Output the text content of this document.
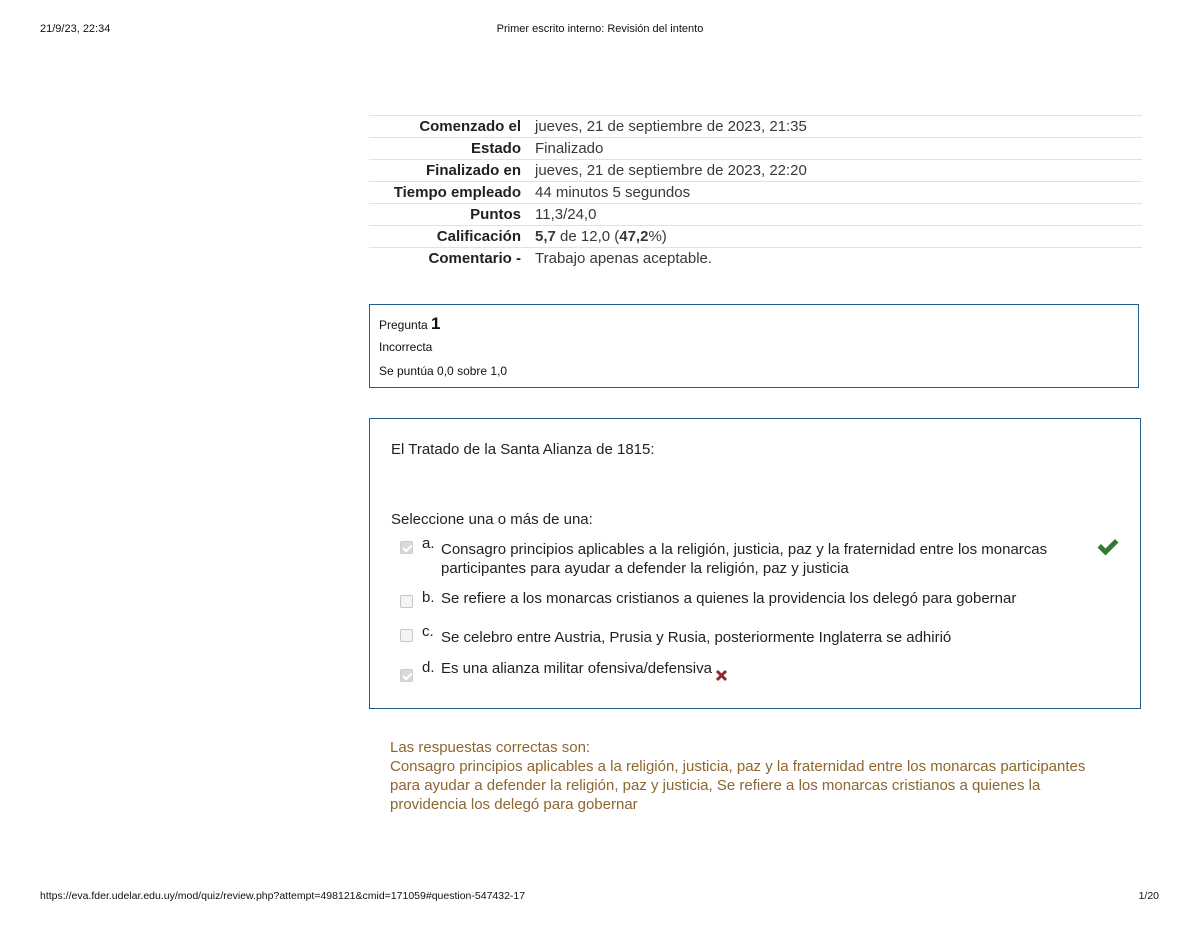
21/9/23, 22:34	Primer escrito interno: Revisión del intento
Comenzado el	jueves, 21 de septiembre de 2023, 21:35
Estado	Finalizado
Finalizado en	jueves, 21 de septiembre de 2023, 22:20
Tiempo empleado	44 minutos 5 segundos
Puntos	11,3/24,0
Calificación	5,7 de 12,0 (47,2%)
Comentario -	Trabajo apenas aceptable.
Pregunta 1
Incorrecta
Se puntúa 0,0 sobre 1,0
El Tratado de la Santa Alianza de 1815:
Seleccione una o más de una:
a. Consagro principios aplicables a la religión, justicia, paz y la fraternidad entre los monarcas participantes para ayudar a defender la religión, paz y justicia
b. Se refiere a los monarcas cristianos a quienes la providencia los delegó para gobernar
c. Se celebro entre Austria, Prusia y Rusia, posteriormente Inglaterra se adhirió
d. Es una alianza militar ofensiva/defensiva
Las respuestas correctas son:
Consagro principios aplicables a la religión, justicia, paz y la fraternidad entre los monarcas participantes para ayudar a defender la religión, paz y justicia, Se refiere a los monarcas cristianos a quienes la providencia los delegó para gobernar
https://eva.fder.udelar.edu.uy/mod/quiz/review.php?attempt=498121&cmid=171059#question-547432-17	1/20
